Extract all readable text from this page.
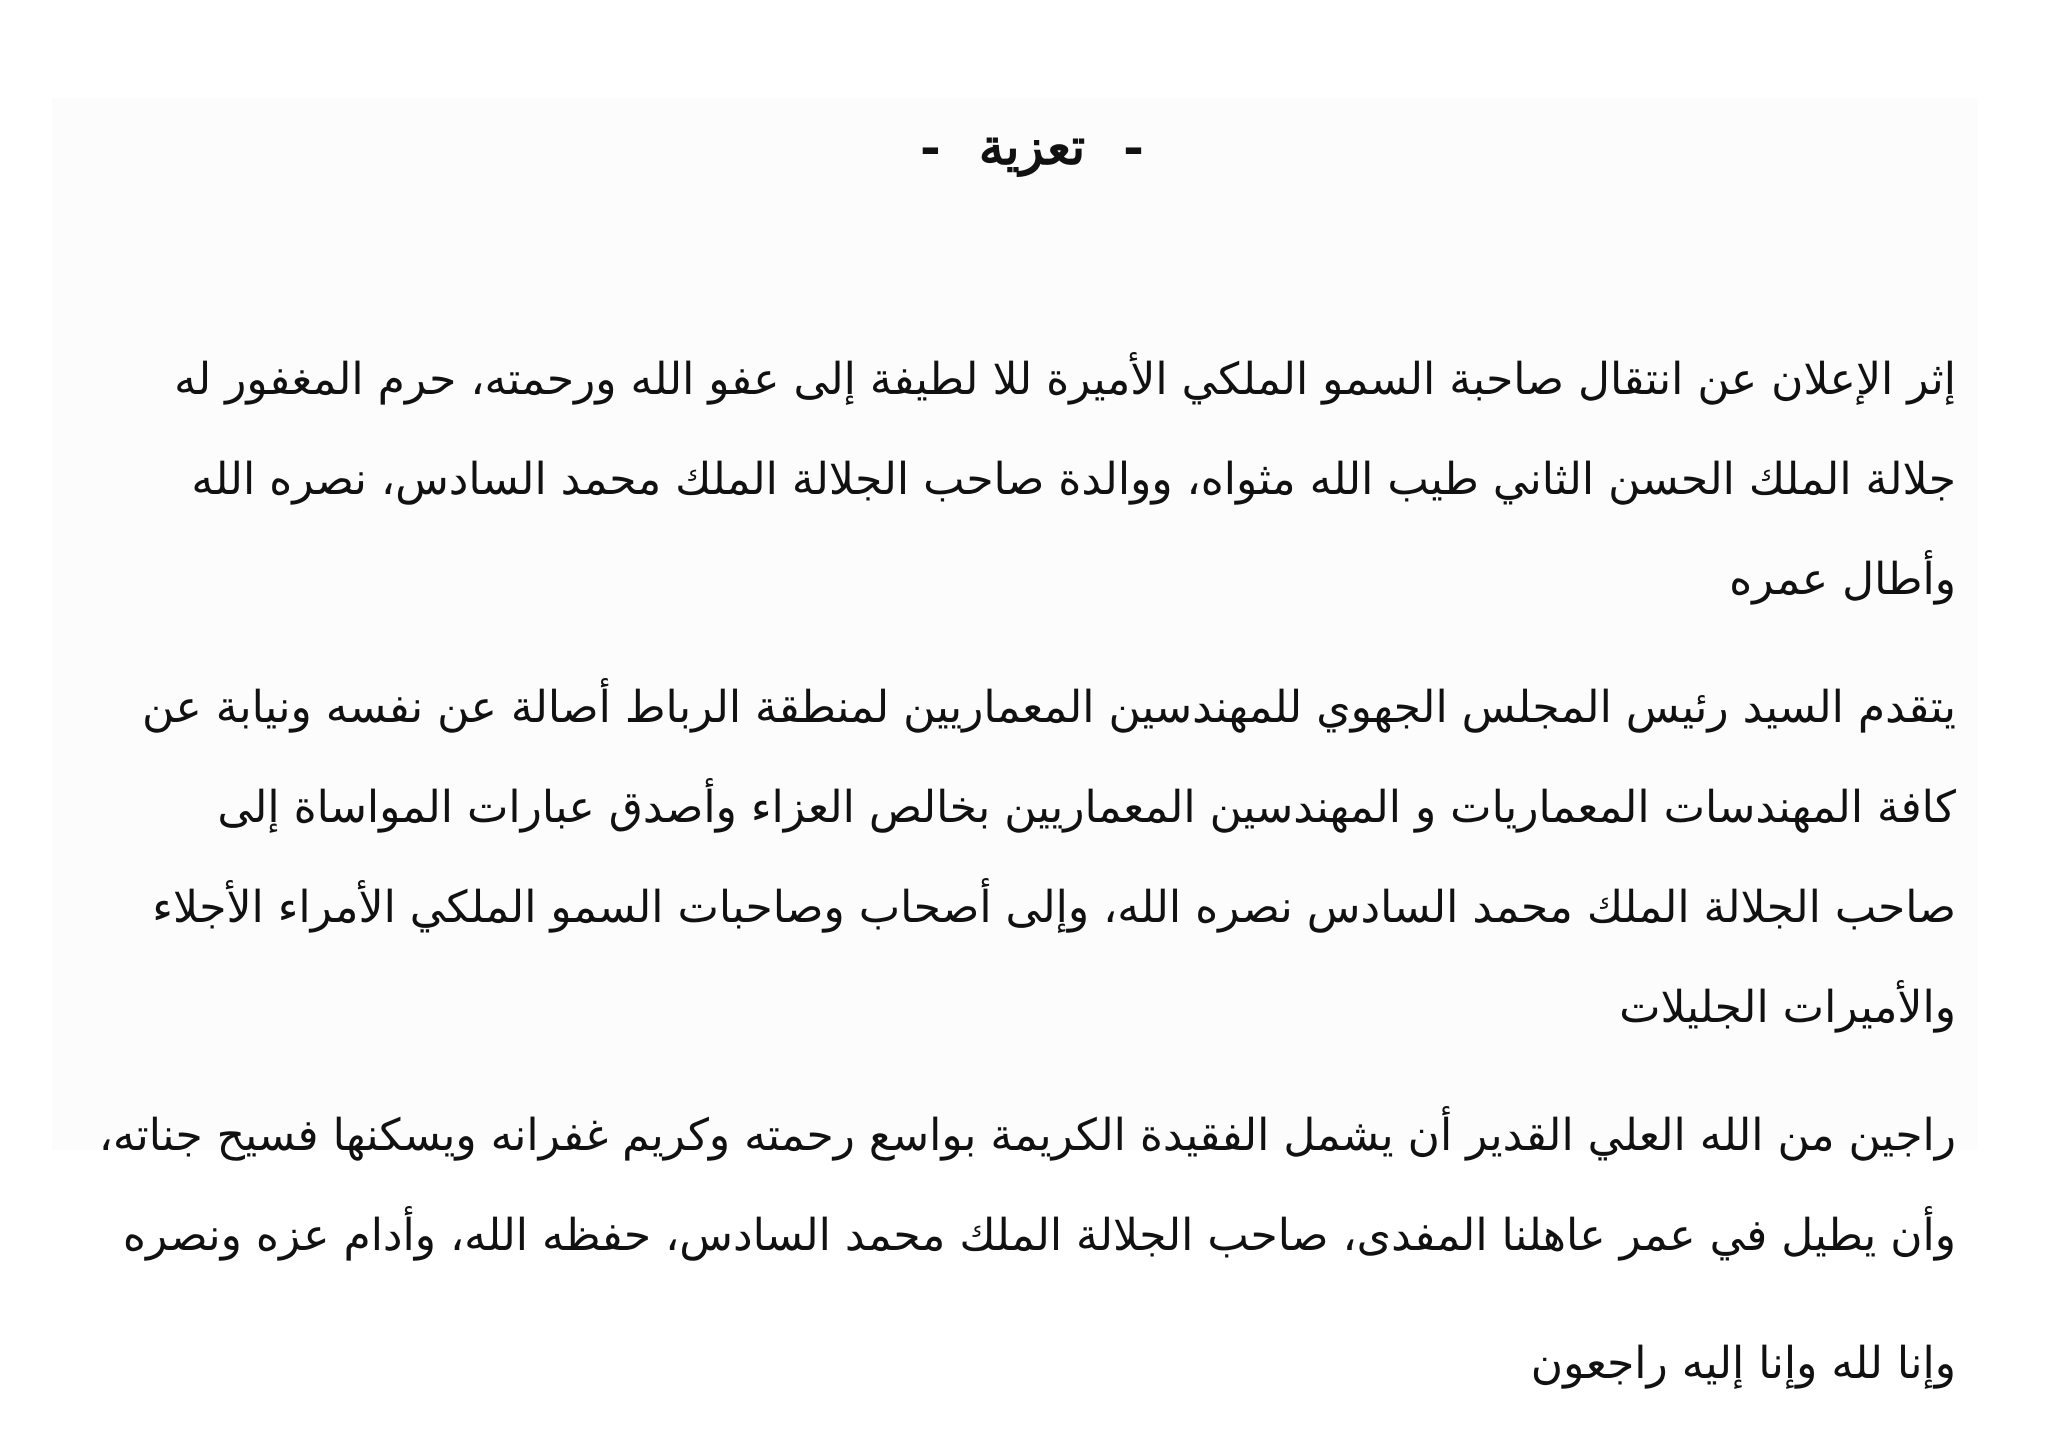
-تعزية-

إثر الإعلان عن انتقال صاحبة السمو الملكي الأميرة للا لطيفة إلى عفو الله ورحمته، حرم المغفور له جلالة الملك الحسن الثاني طيب الله مثواه، ووالدة صاحب الجلالة الملك محمد السادس، نصره الله وأطال عمره

يتقدم السيد رئيس المجلس الجهوي للمهندسين المعماريين لمنطقة الرباط أصالة عن نفسه ونيابة عن كافة المهندسات المعماريات و المهندسين المعماريين بخالص العزاء وأصدق عبارات المواساة إلى صاحب الجلالة الملك محمد السادس نصره الله، وإلى أصحاب وصاحبات السمو الملكي الأمراء الأجلاء والأميرات الجليلات

راجين من الله العلي القدير أن يشمل الفقيدة الكريمة بواسع رحمته وكريم غفرانه ويسكنها فسيح جناته، وأن يطيل في عمر عاهلنا المفدى، صاحب الجلالة الملك محمد السادس، حفظه الله، وأدام عزه ونصره

وإنا لله وإنا إليه راجعون
